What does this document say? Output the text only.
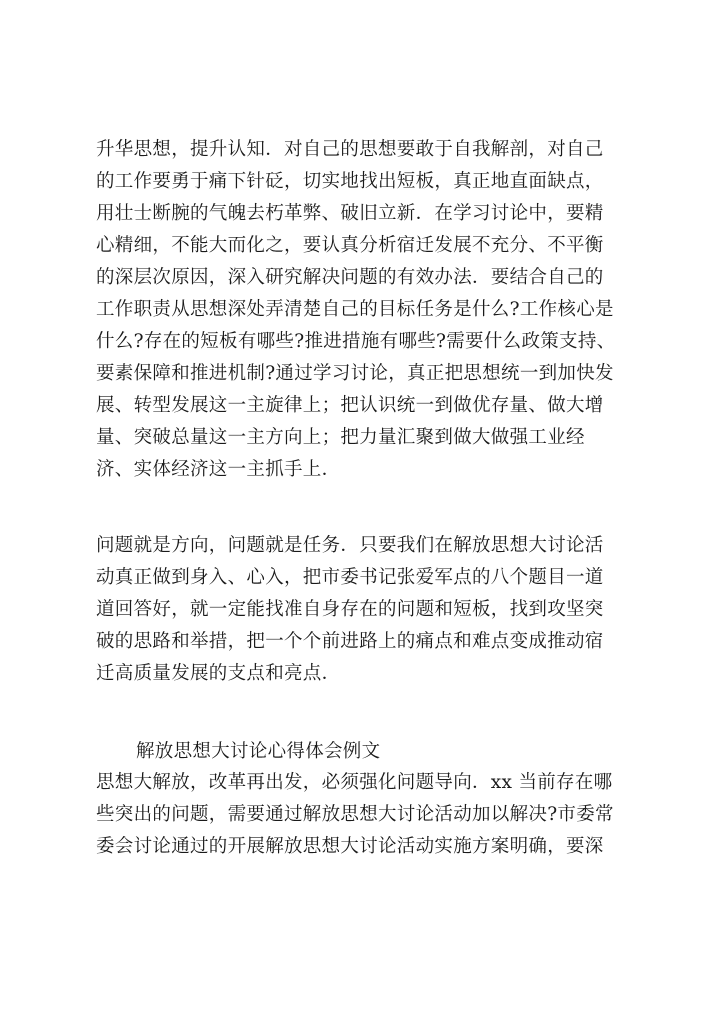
升华思想，提升认知．对自己的思想要敢于自我解剖，对自己
的工作要勇于痛下针砭，切实地找出短板，真正地直面缺点，
用壮士断腕的气魄去朽革弊、破旧立新．在学习讨论中，要精
心精细，不能大而化之，要认真分析宿迁发展不充分、不平衡
的深层次原因，深入研究解决问题的有效办法．要结合自己的
工作职责从思想深处弄清楚自己的目标任务是什么?工作核心是
什么?存在的短板有哪些?推进措施有哪些?需要什么政策支持、
要素保障和推进机制?通过学习讨论，真正把思想统一到加快发
展、转型发展这一主旋律上；把认识统一到做优存量、做大增
量、突破总量这一主方向上；把力量汇聚到做大做强工业经
济、实体经济这一主抓手上．
问题就是方向，问题就是任务．只要我们在解放思想大讨论活
动真正做到身入、心入，把市委书记张爱军点的八个题目一道
道回答好，就一定能找准自身存在的问题和短板，找到攻坚突
破的思路和举措，把一个个前进路上的痛点和难点变成推动宿
迁高质量发展的支点和亮点．
解放思想大讨论心得体会例文
思想大解放，改革再出发，必须强化问题导向．xx 当前存在哪
些突出的问题，需要通过解放思想大讨论活动加以解决?市委常
委会讨论通过的开展解放思想大讨论活动实施方案明确，要深
